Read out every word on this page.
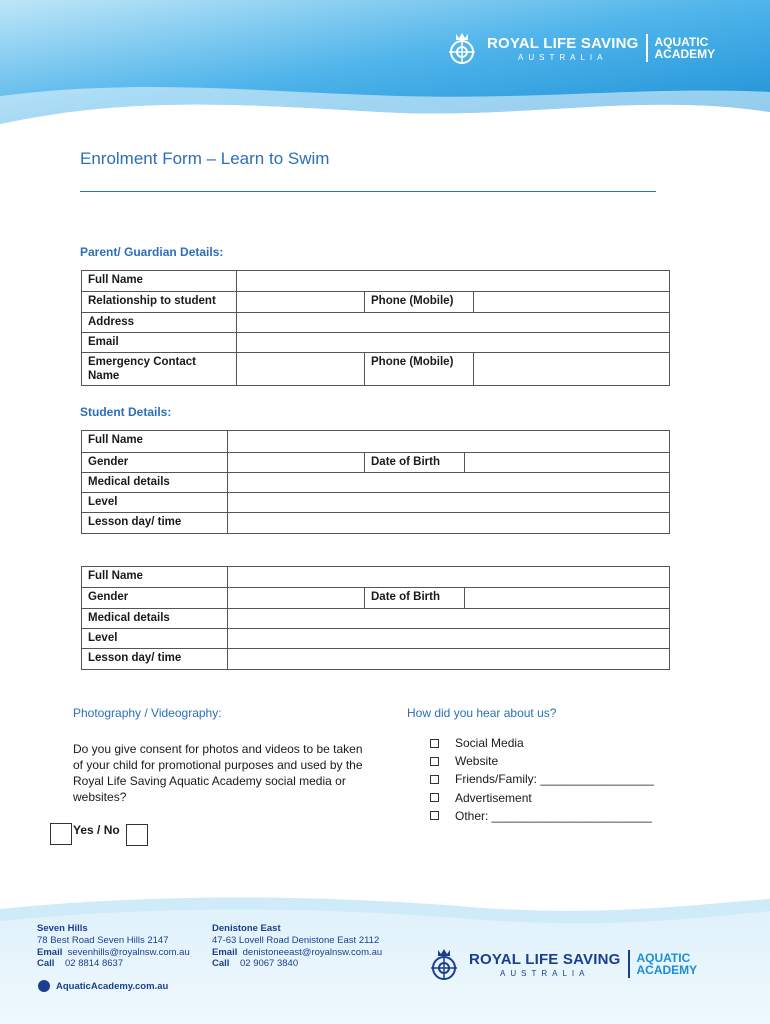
ROYAL LIFE SAVING
AUSTRALIA
AQUATIC
ACADEMY
Enrolment Form – Learn to Swim
Parent/ Guardian Details:
Full Name			
Relationship to student		Phone (Mobile)	
Address			
Email			
Emergency Contact Name		Phone (Mobile)	
Student Details:
Full Name			
Gender		Date of Birth	
Medical details			
Level			
Lesson day/ time			
Full Name			
Gender		Date of Birth	
Medical details			
Level			
Lesson day/ time			
Photography / Videography:
Do you give consent for photos and videos to be taken of your child for promotional purposes and used by the Royal Life Saving Aquatic Academy social media or websites?
Yes / No
How did you hear about us?
Social Media
Website
Friends/Family: _________________
Advertisement
Other: ________________________
Seven Hills
78 Best Road Seven Hills 2147
Email sevenhills@royalnsw.com.au
Call 02 8814 8637
Denistone East
47-63 Lovell Road Denistone East 2112
Email denistoneeast@royalnsw.com.au
Call 02 9067 3840
AquaticAcademy.com.au
ROYAL LIFE SAVING
AUSTRALIA
AQUATIC
ACADEMY
